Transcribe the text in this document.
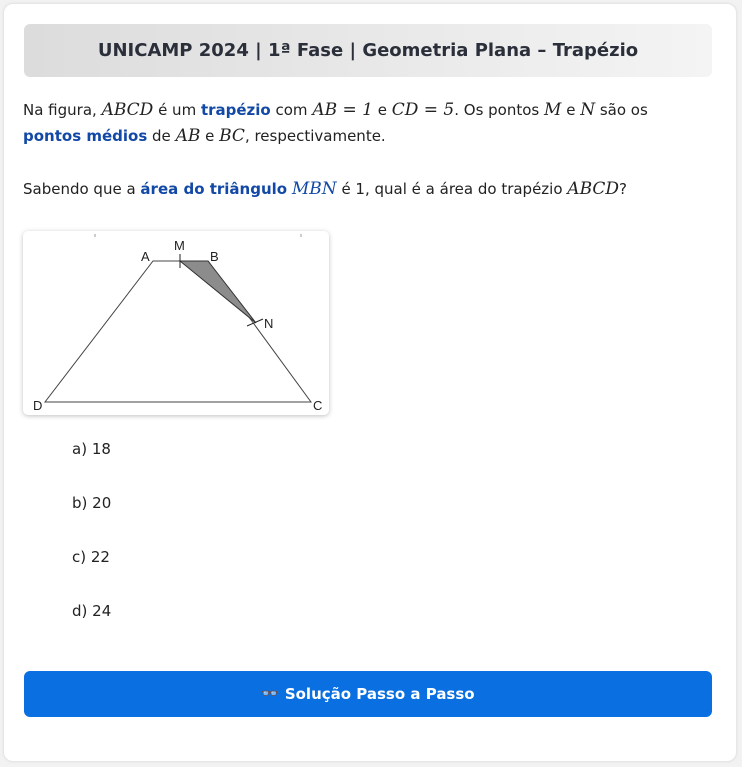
UNICAMP 2024 | 1ª Fase | Geometria Plana – Trapézio
Na figura, ABCD é um trapézio com AB = 1 e CD = 5. Os pontos M e N são os
pontos médios de AB e BC, respectivamente.
Sabendo que a área do triângulo MBN é 1, qual é a área do trapézio ABCD?
A
M
B
N
D	C
a) 18
b) 20
c) 22
d) 24
👓 Solução Passo a Passo
